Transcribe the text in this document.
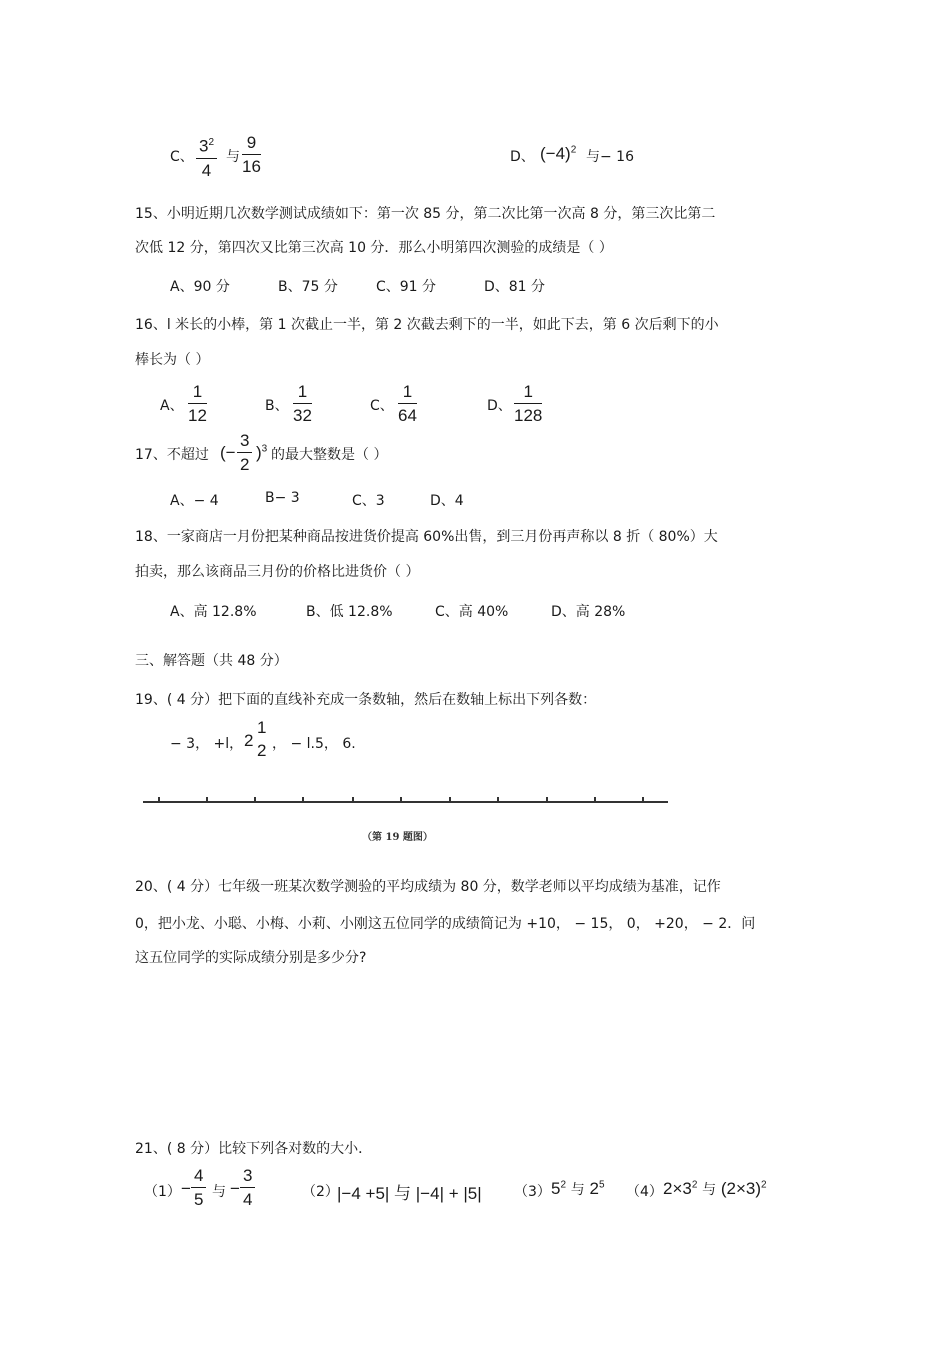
C、 $\frac{3^2}{4}$ 与 $\frac{9}{16}$	D、 $(-4)^2$ 与− 16
15、小明近期几次数学测试成绩如下：第一次 85 分，第二次比第一次高 8 分，第三次比第二
次低 12 分，第四次又比第三次高 10 分．那么小明第四次测验的成绩是（ ）
A、90 分	B、75 分	C、91 分	D、81 分
16、l 米长的小棒，第 1 次截止一半，第 2 次截去剩下的一半，如此下去，第 6 次后剩下的小
棒长为（ ）
A、 $\frac{1}{12}$	B、 $\frac{1}{32}$	C、 $\frac{1}{64}$	D、 $\frac{1}{128}$
17、不超过 (− $\frac{3}{2} )^3$ 的最大整数是（ ）
A、− 4	B− 3	C、3	D、4
18、一家商店一月份把某种商品按进货价提高 60%出售，到三月份再声称以 8 折（ 80%）大
拍卖，那么该商品三月份的价格比进货价（ ）
A、高 12.8%	B、低 12.8%	C、高 40%	D、高 28%
三、解答题（共 48 分）
19、( 4 分）把下面的直线补充成一条数轴，然后在数轴上标出下列各数：
− 3， +l， 2
1
2 ， − l.5， 6.
（第 19 题图）
20、( 4 分）七年级一班某次数学测验的平均成绩为 80 分，数学老师以平均成绩为基准，记作
0，把小龙、小聪、小梅、小莉、小刚这五位同学的成绩简记为 +10， − 15， 0， +20， − 2．问
这五位同学的实际成绩分别是多少分?
21、( 8 分）比较下列各对数的大小．
$(1) - \frac{4}{5}$ 与 − $\frac{3}{4}$	（2）
|−4 +5| 与 |−4| + |5| （3） $5^2$ 与 $2^5$ （4） $2\times 3^2$ 与 $(2\times 3)^2$
